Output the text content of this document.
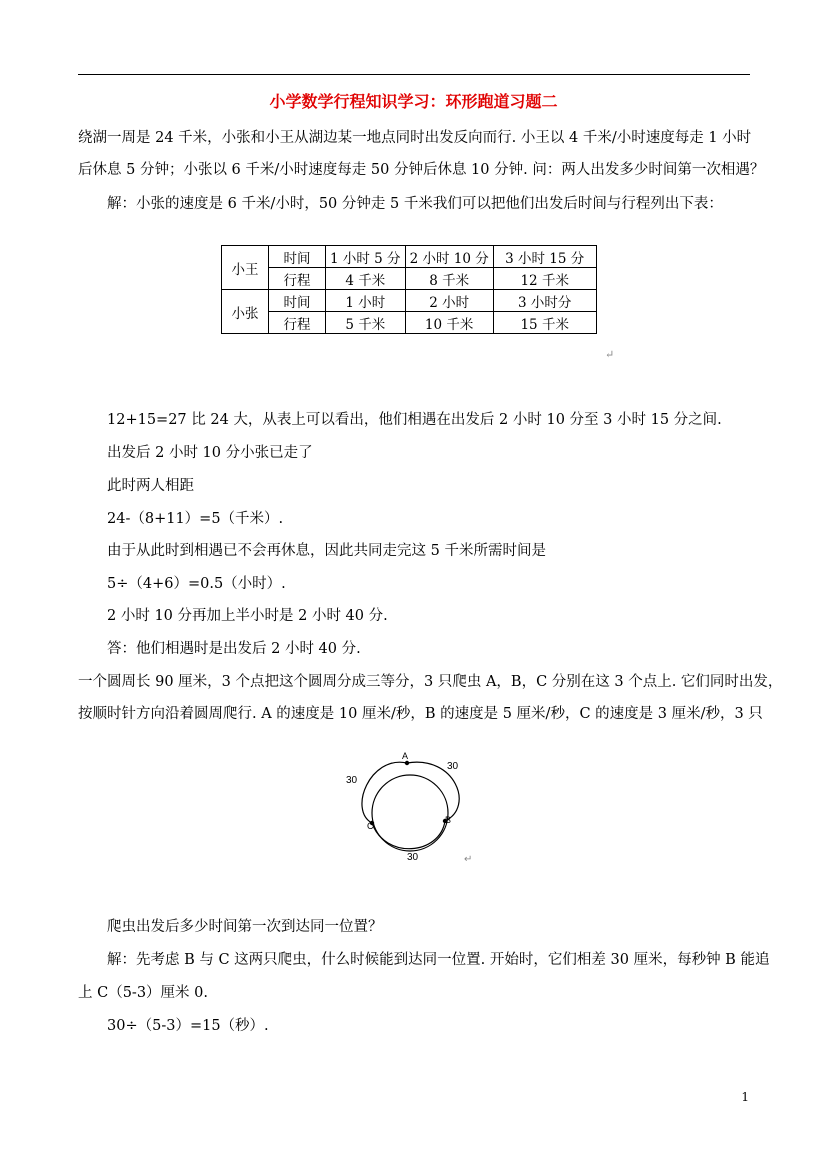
小学数学行程知识学习：环形跑道习题二
绕湖一周是 24 千米，小张和小王从湖边某一地点同时出发反向而行. 小王以 4 千米/小时速度每走 1 小时
后休息 5 分钟；小张以 6 千米/小时速度每走 50 分钟后休息 10 分钟. 问：两人出发多少时间第一次相遇？
解：小张的速度是 6 千米/小时，50 分钟走 5 千米我们可以把他们出发后时间与行程列出下表：
小王	时间	1 小时 5 分	2 小时 10 分	3 小时 15 分
	行程	4 千米	8 千米	12 千米
小张	时间	1 小时	2 小时	3 小时分
	行程	5 千米	10 千米	15 千米
↵
12+15=27 比 24 大，从表上可以看出，他们相遇在出发后 2 小时 10 分至 3 小时 15 分之间.
出发后 2 小时 10 分小张已走了
此时两人相距
24-（8+11）=5（千米）.
由于从此时到相遇已不会再休息，因此共同走完这 5 千米所需时间是
5÷（4+6）=0.5（小时）.
2 小时 10 分再加上半小时是 2 小时 40 分.
答：他们相遇时是出发后 2 小时 40 分.
一个圆周长 90 厘米，3 个点把这个圆周分成三等分，3 只爬虫 A，B，C 分别在这 3 个点上. 它们同时出发，
按顺时针方向沿着圆周爬行. A 的速度是 10 厘米/秒，B 的速度是 5 厘米/秒，C 的速度是 3 厘米/秒，3 只
A
B
C
30
30
30	↵
爬虫出发后多少时间第一次到达同一位置？
解：先考虑 B 与 C 这两只爬虫，什么时候能到达同一位置. 开始时，它们相差 30 厘米，每秒钟 B 能追
上 C（5-3）厘米 0.
30÷（5-3）=15（秒）.
1
